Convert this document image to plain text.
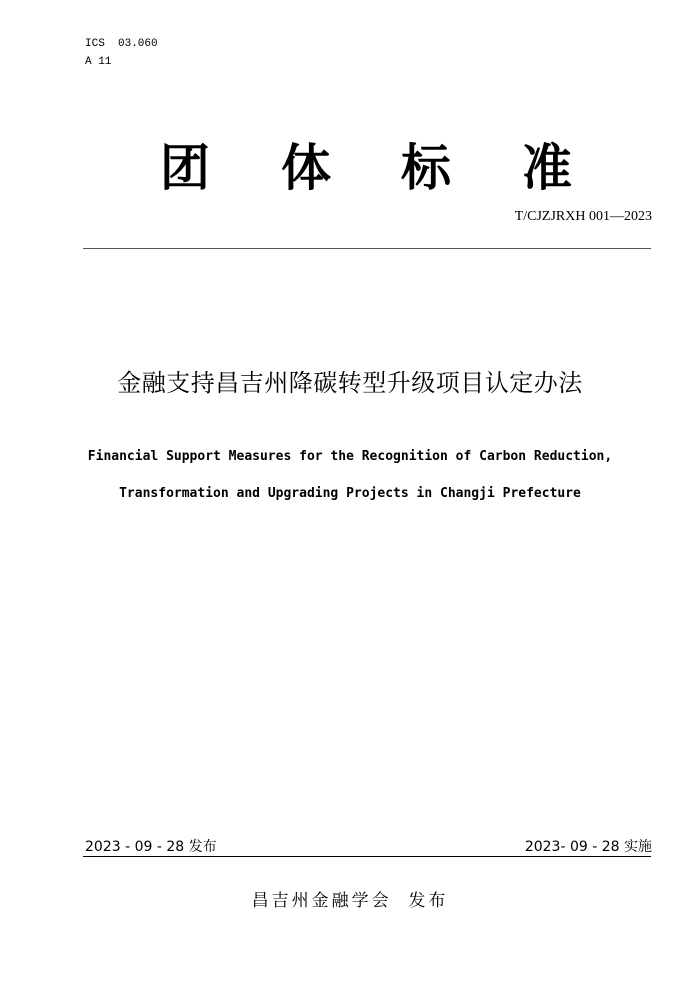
ICS  03.060
A 11
团 体 标 准
T/CJZJRXH 001—2023
金融支持昌吉州降碳转型升级项目认定办法
Financial Support Measures for the Recognition of Carbon Reduction,
Transformation and Upgrading Projects in Changji Prefecture
2023 - 09 - 28 发布	2023- 09 - 28 实施
昌吉州金融学会  发布
